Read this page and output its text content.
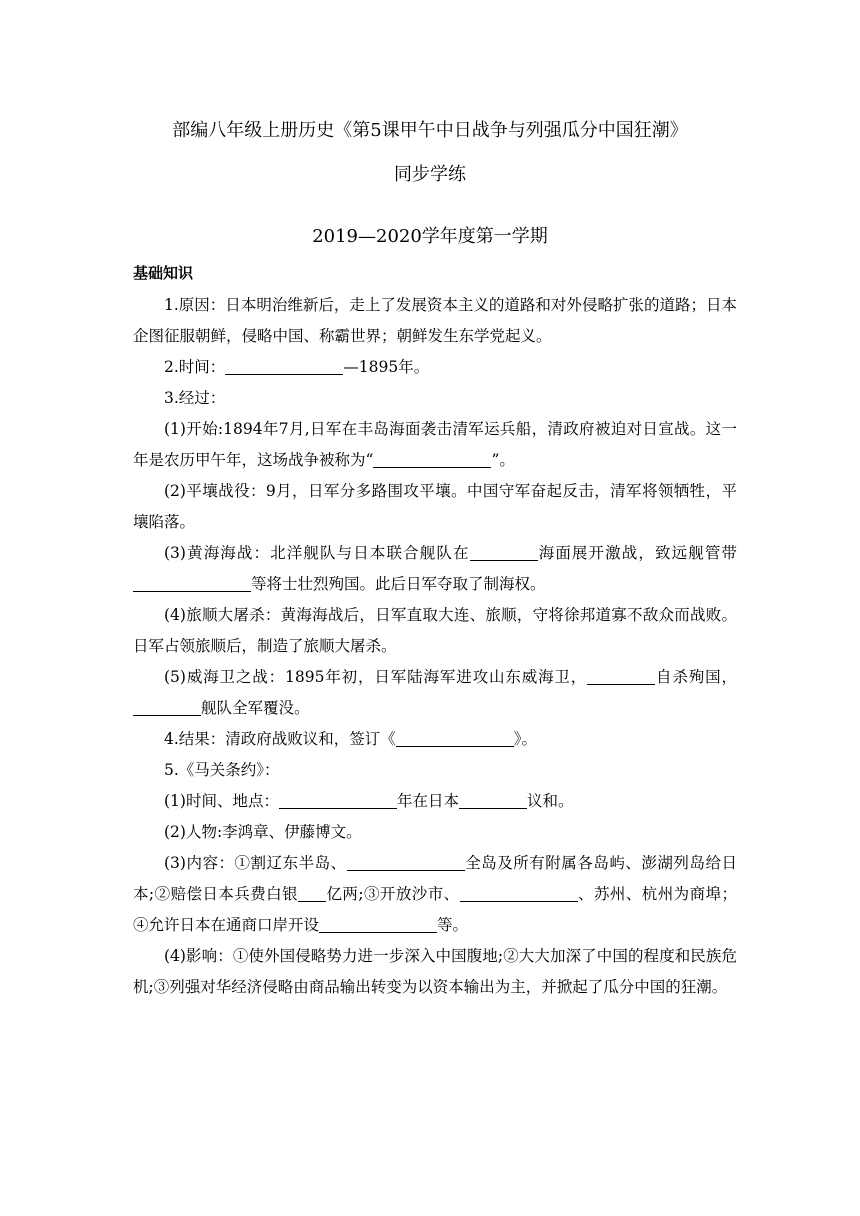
部编八年级上册历史《第5课甲午中日战争与列强瓜分中国狂潮》
同步学练
2019—2020学年度第一学期
基础知识

1.原因：日本明治维新后，走上了发展资本主义的道路和对外侵略扩张的道路；日本企图征服朝鲜，侵略中国、称霸世界；朝鲜发生东学党起义。

2.时间：	—1895年。

3.经过：

(1)开始:1894年7月,日军在丰岛海面袭击清军运兵船，清政府被迫对日宣战。这一年是农历甲午年，这场战争被称为“	”。

(2)平壤战役：9月，日军分多路围攻平壤。中国守军奋起反击，清军将领牺牲，平壤陷落。

(3)黄海海战：北洋舰队与日本联合舰队在	海面展开激战，致远舰管带等将士壮烈殉国。此后日军夺取了制海权。

(4)旅顺大屠杀：黄海海战后，日军直取大连、旅顺，守将徐邦道寡不敌众而战败。日军占领旅顺后，制造了旅顺大屠杀。

(5)威海卫之战：1895年初，日军陆海军进攻山东威海卫，	自杀殉国，舰队全军覆没。

4.结果：清政府战败议和，签订《	》。

5.《马关条约》：

(1)时间、地点：	年在日本	议和。

(2)人物:李鸿章、伊藤博文。

(3)内容：①割辽东半岛、	全岛及所有附属各岛屿、澎湖列岛给日本;②赔偿日本兵费白银 亿两;③开放沙市、	、苏州、杭州为商埠；④允许日本在通商口岸开设	等。

(4)影响：①使外国侵略势力进一步深入中国腹地;②大大加深了中国的程度和民族危机;③列强对华经济侵略由商品输出转变为以资本输出为主，并掀起了瓜分中国的狂潮。
